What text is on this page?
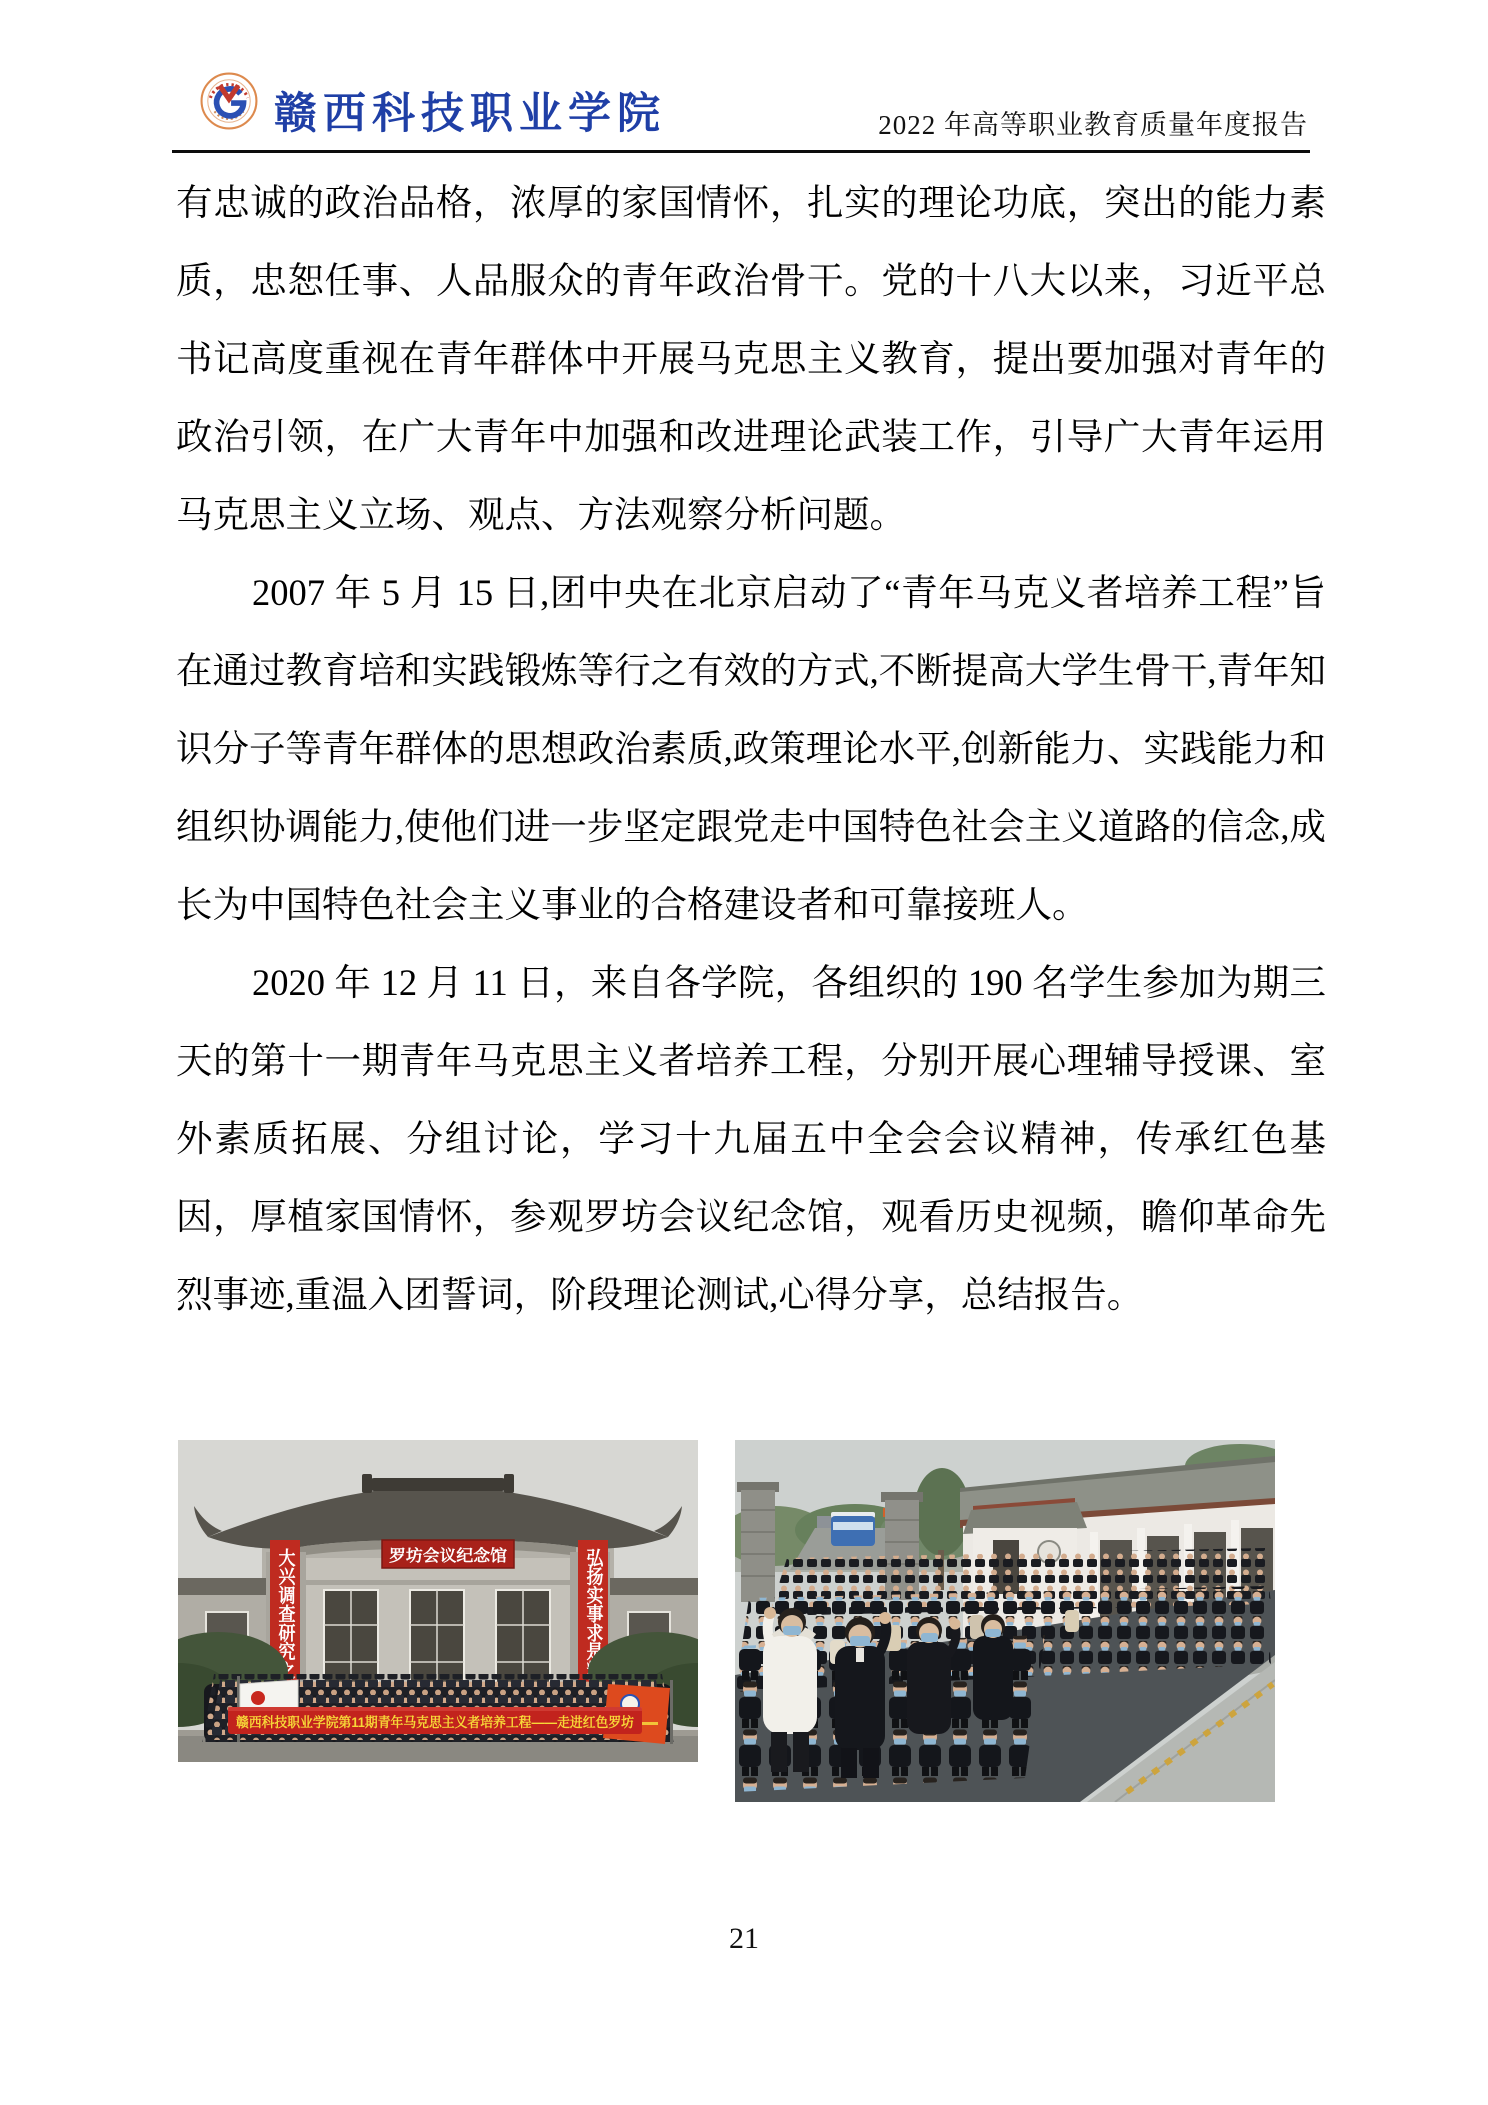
赣西科技职业学院	2022 年高等职业教育质量年度报告

有忠诚的政治品格，浓厚的家国情怀，扎实的理论功底，突出的能力素质，忠恕任事、人品服众的青年政治骨干。党的十八大以来，习近平总书记高度重视在青年群体中开展马克思主义教育，提出要加强对青年的政治引领，在广大青年中加强和改进理论武装工作，引导广大青年运用马克思主义立场、观点、方法观察分析问题。

2007 年 5 月 15 日,团中央在北京启动了“青年马克义者培养工程”旨在通过教育培和实践锻炼等行之有效的方式,不断提高大学生骨干,青年知识分子等青年群体的思想政治素质,政策理论水平,创新能力、实践能力和组织协调能力,使他们进一步坚定跟党走中国特色社会主义道路的信念,成长为中国特色社会主义事业的合格建设者和可靠接班人。

2020 年 12 月 11 日，来自各学院，各组织的 190 名学生参加为期三天的第十一期青年马克思主义者培养工程，分别开展心理辅导授课、室外素质拓展、分组讨论，学习十九届五中全会会议精神，传承红色基因，厚植家国情怀，参观罗坊会议纪念馆，观看历史视频，瞻仰革命先烈事迹,重温入团誓词，阶段理论测试,心得分享，总结报告。

罗坊会议纪念馆
大兴调查研究之风	弘扬实事求是精神
赣西科技职业学院第11期青年马克思主义者培养工程——走进红色罗坊
21
